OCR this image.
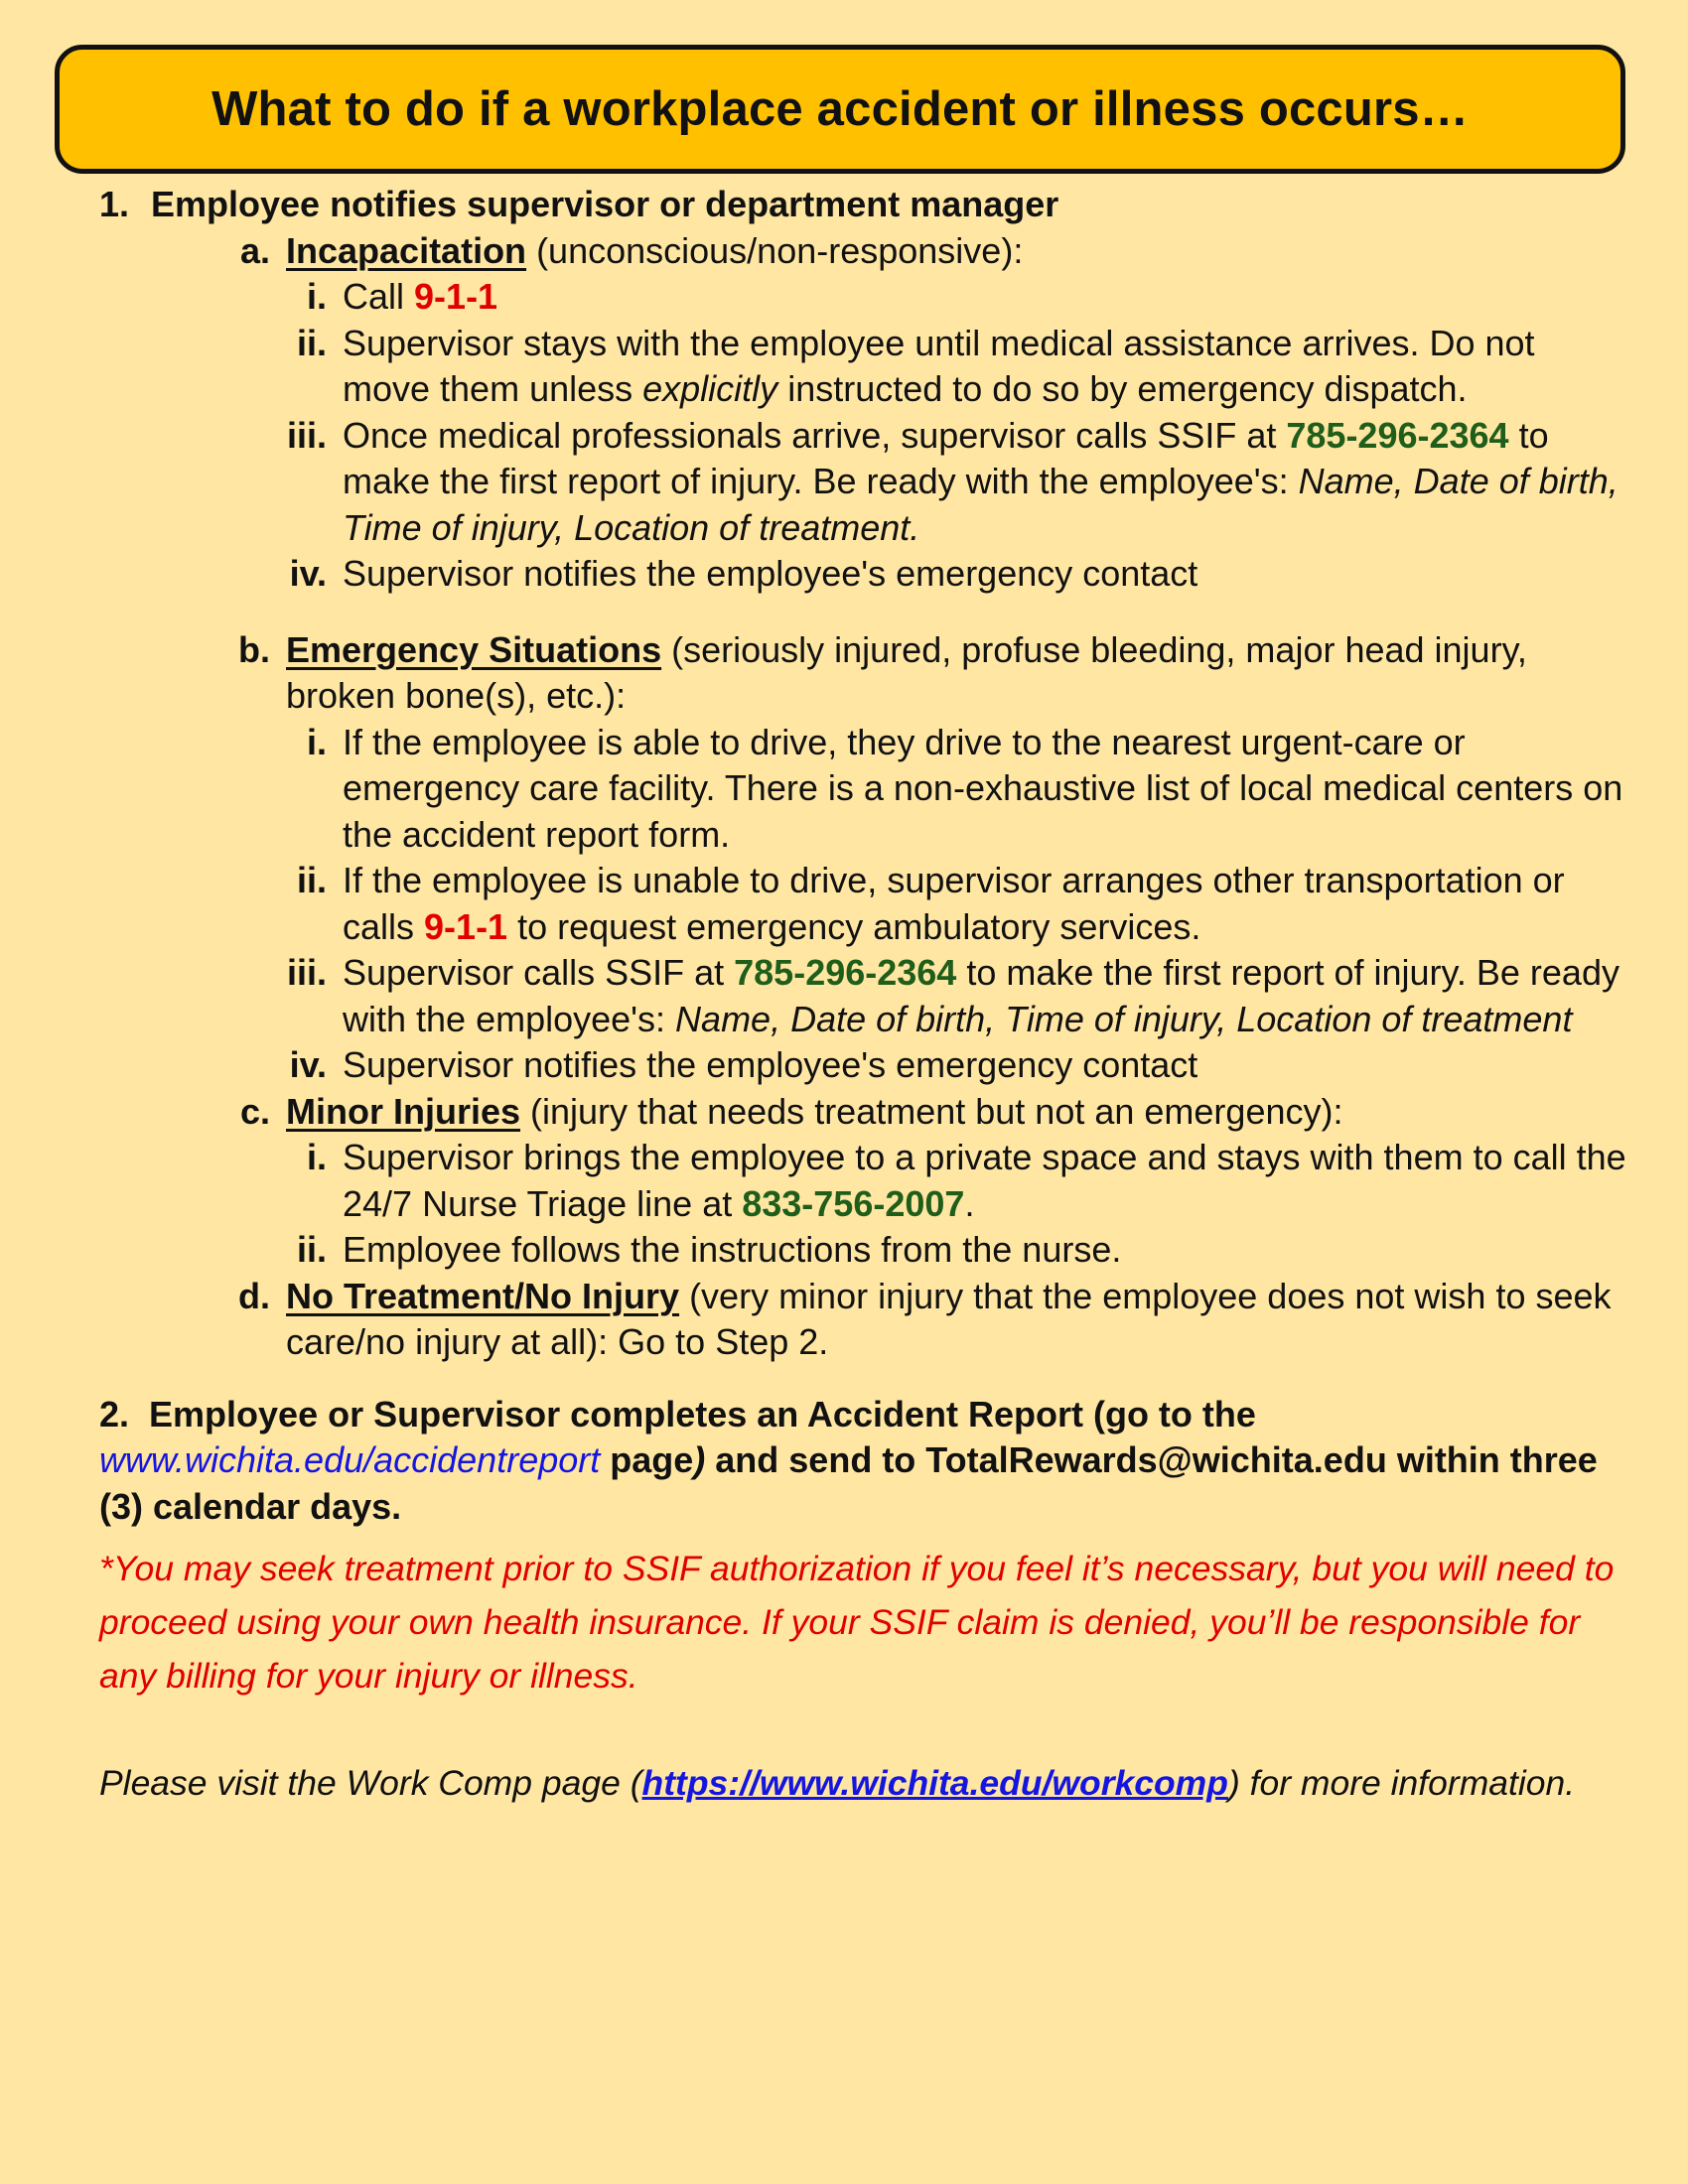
What to do if a workplace accident or illness occurs…

1. Employee notifies supervisor or department manager

a. Incapacitation (unconscious/non-responsive):
i. Call 9-1-1
ii. Supervisor stays with the employee until medical assistance arrives. Do not move them unless explicitly instructed to do so by emergency dispatch.
iii. Once medical professionals arrive, supervisor calls SSIF at 785-296-2364 to make the first report of injury. Be ready with the employee's: Name, Date of birth, Time of injury, Location of treatment.
iv. Supervisor notifies the employee's emergency contact
b. Emergency Situations (seriously injured, profuse bleeding, major head injury, broken bone(s), etc.):
i. If the employee is able to drive, they drive to the nearest urgent-care or emergency care facility. There is a non-exhaustive list of local medical centers on the accident report form.
ii. If the employee is unable to drive, supervisor arranges other transportation or calls 9-1-1 to request emergency ambulatory services.
iii. Supervisor calls SSIF at 785-296-2364 to make the first report of injury. Be ready with the employee's: Name, Date of birth, Time of injury, Location of treatment
iv. Supervisor notifies the employee's emergency contact
c. Minor Injuries (injury that needs treatment but not an emergency):
i. Supervisor brings the employee to a private space and stays with them to call the 24/7 Nurse Triage line at 833-756-2007.
ii. Employee follows the instructions from the nurse.
d. No Treatment/No Injury (very minor injury that the employee does not wish to seek care/no injury at all): Go to Step 2.
2.  Employee or Supervisor completes an Accident Report (go to the www.wichita.edu/accidentreport page) and send to TotalRewards@wichita.edu within three (3) calendar days.
*You may seek treatment prior to SSIF authorization if you feel it’s necessary, but you will need to proceed using your own health insurance. If your SSIF claim is denied, you’ll be responsible for any billing for your injury or illness.
Please visit the Work Comp page (https://www.wichita.edu/workcomp) for more information.
